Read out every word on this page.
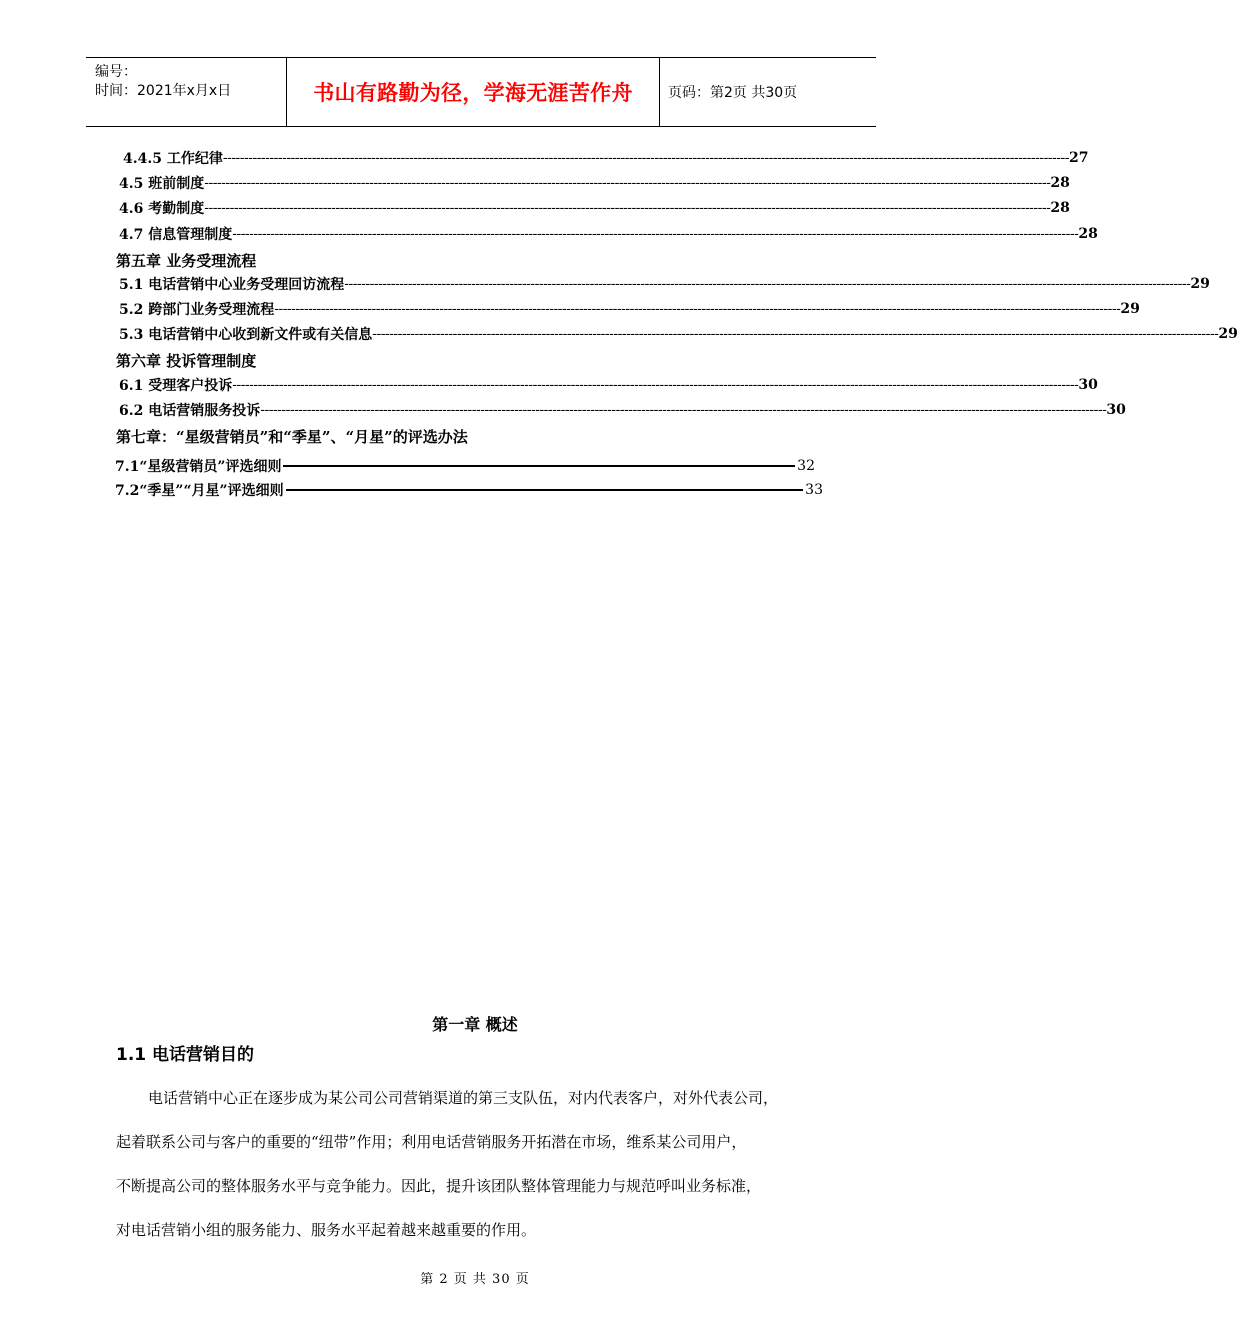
编号：
时间：2021年x月x日	书山有路勤为径，学海无涯苦作舟	页码：第2页 共30页
4.4.5 工作纪律 -------------------------------------------------------------------------------------------------------------------------------------------------------------------------------------------------------- 27
4.5 班前制度 -------------------------------------------------------------------------------------------------------------------------------------------------------------------------------------------------------- 28
4.6 考勤制度 -------------------------------------------------------------------------------------------------------------------------------------------------------------------------------------------------------- 28
4.7 信息管理制度 -------------------------------------------------------------------------------------------------------------------------------------------------------------------------------------------------------- 28
第五章 业务受理流程
5.1 电话营销中心业务受理回访流程 -------------------------------------------------------------------------------------------------------------------------------------------------------------------------------------------------------- 29
5.2 跨部门业务受理流程 -------------------------------------------------------------------------------------------------------------------------------------------------------------------------------------------------------- 29
5.3 电话营销中心收到新文件或有关信息 -------------------------------------------------------------------------------------------------------------------------------------------------------------------------------------------------------- 29
第六章 投诉管理制度
6.1 受理客户投诉 -------------------------------------------------------------------------------------------------------------------------------------------------------------------------------------------------------- 30
6.2 电话营销服务投诉 -------------------------------------------------------------------------------------------------------------------------------------------------------------------------------------------------------- 30
第七章：“星级营销员”和“季星”、“月星”的评选办法
7.1“星级营销员”评选细则	32
7.2“季星”“月星”评选细则	33
第一章 概述
1.1 电话营销目的

电话营销中心正在逐步成为某公司公司营销渠道的第三支队伍，对内代表客户，对外代表公司，

起着联系公司与客户的重要的“纽带”作用；利用电话营销服务开拓潜在市场，维系某公司用户，

不断提高公司的整体服务水平与竞争能力。因此，提升该团队整体管理能力与规范呼叫业务标准，

对电话营销小组的服务能力、服务水平起着越来越重要的作用。

第 2 页 共 30 页
